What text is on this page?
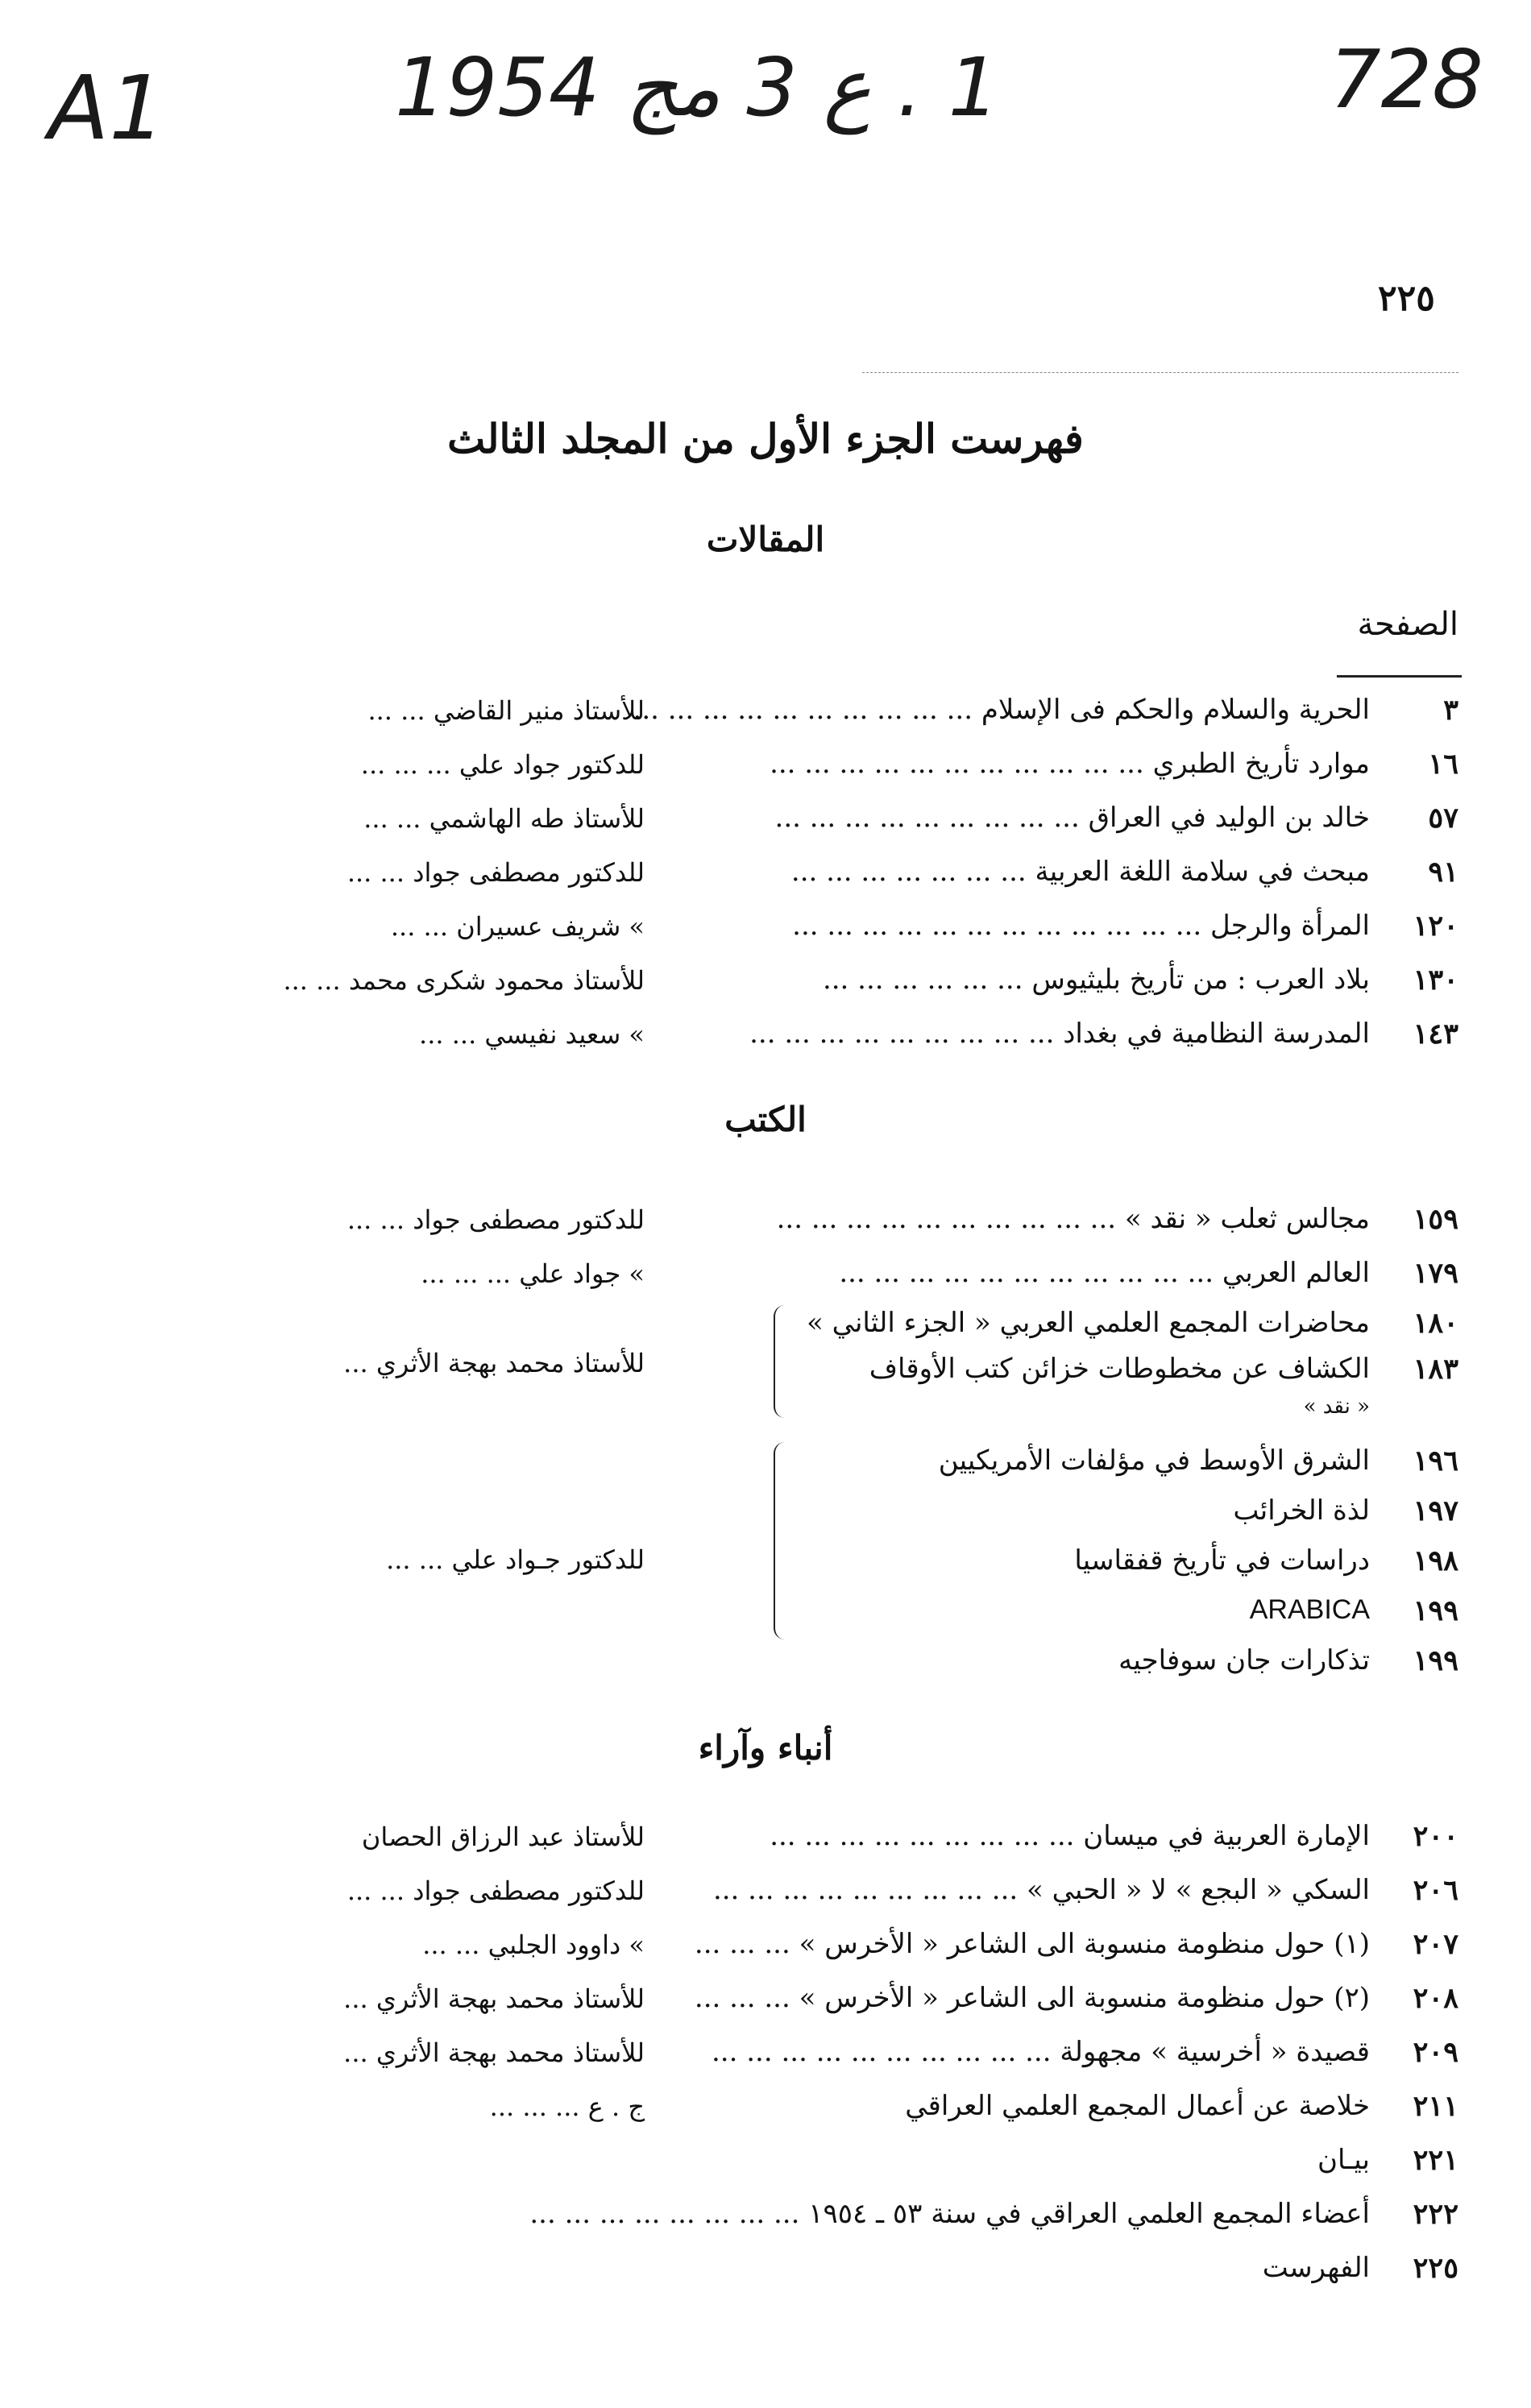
A1	1 . ع 3 مج 1954	728
٢٢٥
فهرست الجزء الأول من المجلد الثالث
المقالات
الصفحة
٣
الحرية والسلام والحكم فى الإسلام ... ... ... ... ... ... ... ... ... ...
للأستاذ منير القاضي ... ...
١٦
موارد تأريخ الطبري ... ... ... ... ... ... ... ... ... ... ...
للدكتور جواد علي ... ... ...
٥٧
خالد بن الوليد في العراق ... ... ... ... ... ... ... ... ...
للأستاذ طه الهاشمي ... ...
٩١
مبحث في سلامة اللغة العربية ... ... ... ... ... ... ...
للدكتور مصطفى جواد ... ...
١٢٠
المرأة والرجل ... ... ... ... ... ... ... ... ... ... ... ...
» شريف عسيران ... ...
١٣٠
بلاد العرب : من تأريخ بليثيوس ... ... ... ... ... ...
للأستاذ محمود شكرى محمد ... ...
١٤٣
المدرسة النظامية في بغداد ... ... ... ... ... ... ... ... ...
» سعيد نفيسي ... ...
الكتب
١٥٩
مجالس ثعلب « نقد » ... ... ... ... ... ... ... ... ... ...
للدكتور مصطفى جواد ... ...
١٧٩
العالم العربي ... ... ... ... ... ... ... ... ... ... ...
» جواد علي ... ... ...
١٨٠
محاضرات المجمع العلمي العربي « الجزء الثاني »
١٨٣
الكشاف عن مخطوطات خزائن كتب الأوقاف
« نقد »
للأستاذ محمد بهجة الأثري ...
١٩٦
الشرق الأوسط في مؤلفات الأمريكيين
١٩٧
لذة الخرائب
١٩٨
دراسات في تأريخ قفقاسيا
١٩٩
ARABICA
١٩٩
تذكارات جان سوفاجيه
للدكتور جـواد علي ... ...
أنباء وآراء
٢٠٠
الإمارة العربية في ميسان ... ... ... ... ... ... ... ... ...
للأستاذ عبد الرزاق الحصان
٢٠٦
السكي « البجع » لا « الحبي » ... ... ... ... ... ... ... ... ...
للدكتور مصطفى جواد ... ...
٢٠٧
(١) حول منظومة منسوبة الى الشاعر « الأخرس » ... ... ...
» داوود الجلبي ... ...
٢٠٨
(٢) حول منظومة منسوبة الى الشاعر « الأخرس » ... ... ...
للأستاذ محمد بهجة الأثري ...
٢٠٩
قصيدة « أخرسية » مجهولة ... ... ... ... ... ... ... ... ... ...
للأستاذ محمد بهجة الأثري ...
٢١١
خلاصة عن أعمال المجمع العلمي العراقي
ج . ع ... ... ...
٢٢١
بيـان
٢٢٢
أعضاء المجمع العلمي العراقي في سنة ٥٣ ـ ١٩٥٤ ... ... ... ... ... ... ... ...
٢٢٥
الفهرست
